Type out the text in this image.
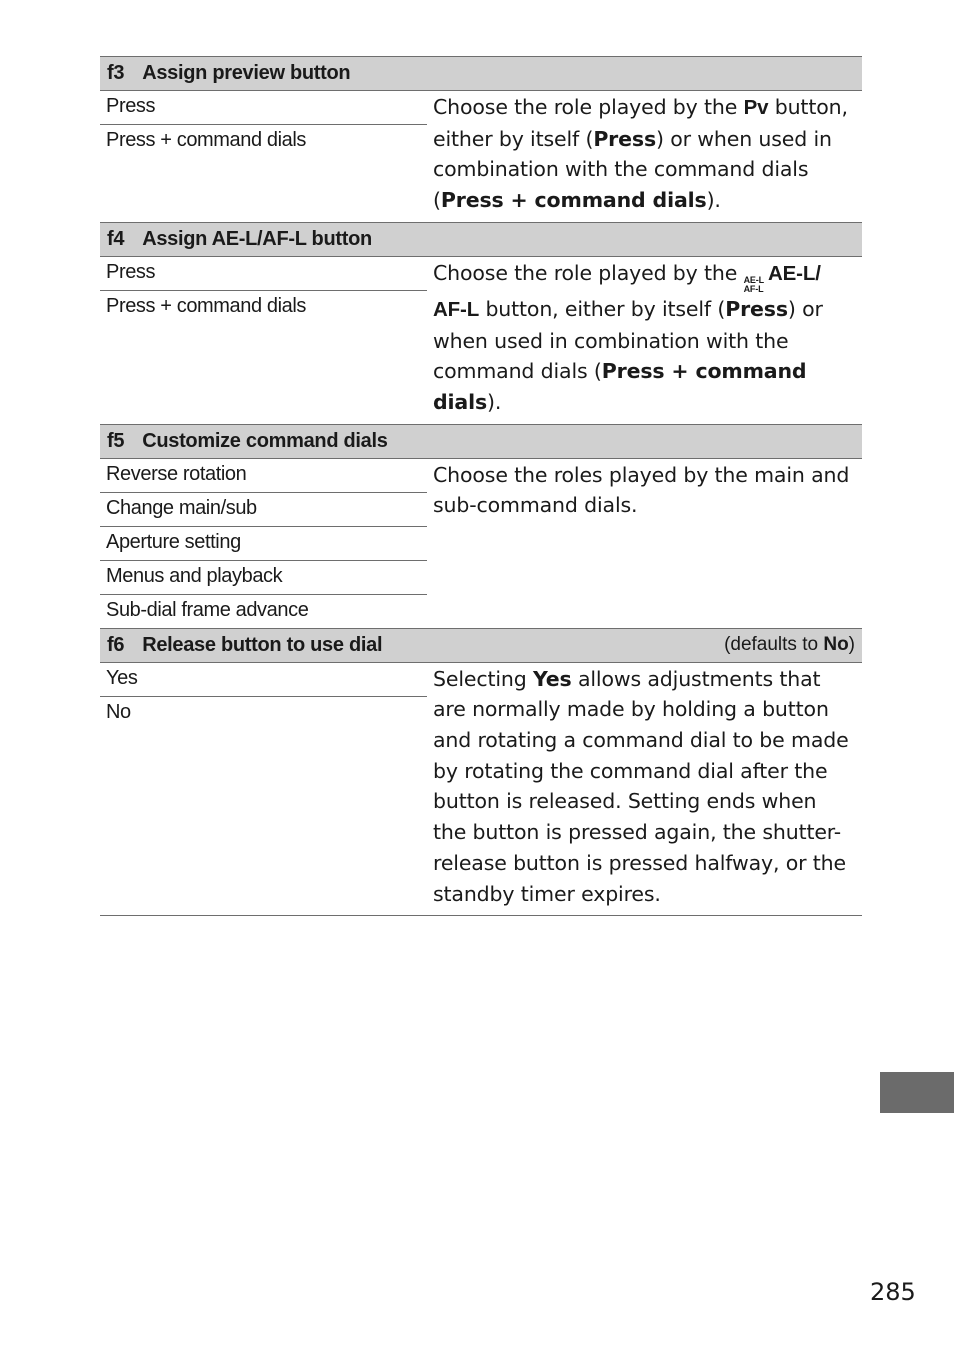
f3 Assign preview button
Press
Press + command dials
Choose the role played by the Pv button, either by itself (Press) or when used in combination with the command dials (Press + command dials).
f4 Assign AE-L/AF-L button
Press
Press + command dials
Choose the role played by the AE-L
AF-L
AE-L/ AF-L button, either by itself (Press) or when used in combination with the command dials (Press + command dials).
f5 Customize command dials
Reverse rotation
Change main/sub
Aperture setting
Menus and playback
Sub-dial frame advance
Choose the roles played by the main and sub-command dials.
f6 Release button to use dial	(defaults to No)
Yes
No
Selecting Yes allows adjustments that are normally made by holding a button and rotating a command dial to be made by rotating the command dial after the button is released. Setting ends when the button is pressed again, the shutter-release button is pressed halfway, or the standby timer expires.
285
